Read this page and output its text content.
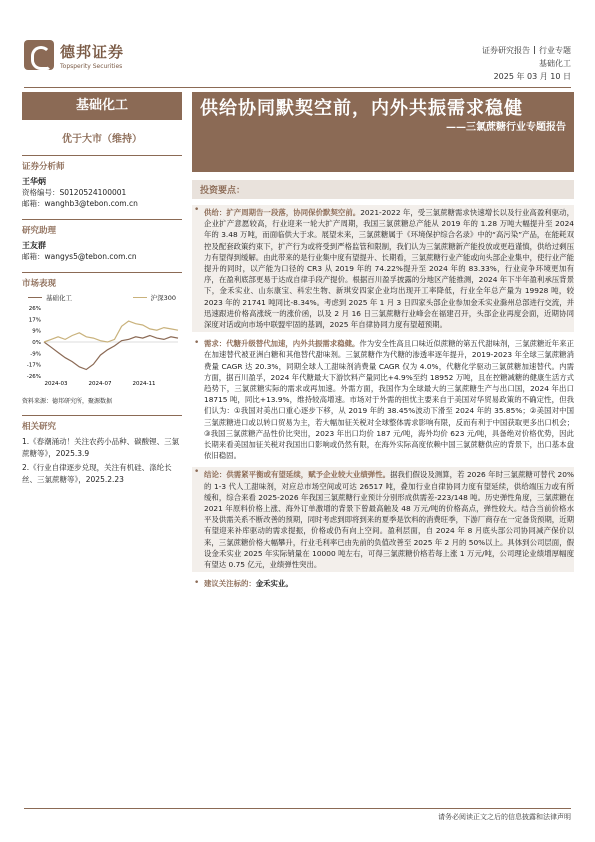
德邦证券
Topsperity Securities
证券研究报告 行业专题
基础化工
2025 年 03 月 10 日
基础化工
优于大市（维持）
证券分析师
王华炳
资格编号：S0120524100001
邮箱：wanghb3@tebon.com.cn
研究助理
王友群
邮箱：wangys5@tebon.com.cn
市场表现
基础化工	沪深300
26%
17%
9%
0%
-9%
-17%
-26%
2024-03	2024-07	2024-11
资料来源：德邦研究所，聚源数据
相关研究
1.《春潮涌动！关注农药小品种、碳酸锂、三氯蔗糖等》，2025.3.9
2.《行业自律逐步兑现，关注有机硅、涤纶长丝、三氯蔗糖等》，2025.2.23
供给协同默契空前，内外共振需求稳健
——三氯蔗糖行业专题报告
投资要点：
• 供给：扩产周期告一段落，协同保价默契空前。2021-2022 年，受三氯蔗糖需求快速增长以及行业高盈利驱动，企业扩产意愿较高，行业迎来一轮大扩产周期，我国三氯蔗糖总产能从 2019 年的 1.28 万吨大幅提升至 2024 年的 3.48 万吨，而面临供大于求。展望未来，三氯蔗糖属于《环境保护综合名录》中的“高污染”产品，在能耗双控及配套政策约束下，扩产行为或将受到严格监管和限制，我们认为三氯蔗糖新产能投放或更趋谨慎，供给过剩压力有望得到缓解。由此带来的是行业集中度有望提升、长期看，三氯蔗糖行业产能或向头部企业集中，使行业产能提升的同时，以产能为口径的 CR3 从 2019 年的 74.22%提升至 2024 年的 83.33%，行业竞争环境更加有序，在盈利底部更易于达成自律手段产提价。根据百川盈孚披露的分地区产能推测，2024 年下半年盈利承压背景下，金禾实业、山东康宝、科宏生物、新琪安四家企业均出现开工率降低，行业全年总产量为 19928 吨，较 2023 年的 21741 吨同比-8.34%。考虑到 2025 年 1 月 3 日四家头部企业参加金禾实业滁州总部进行交流，并迅速跟进价格高涨统一的涨价函，以及 2 月 16 日三氯蔗糖行业峰会在福建召开，头部企业再度会面，近期协同深度对话或向市场中联盟牢固的基调，2025 年自律协同力度有望超预期。
• 需求：代糖升级替代加速，内外共振需求稳健。作为安全性高且口味近似蔗糖的第五代甜味剂，三氯蔗糖近年来正在加速替代被亚洲白糖和其他替代甜味剂。三氯蔗糖作为代糖的渗透率逐年提升，2019-2023 年全球三氯蔗糖消费量 CAGR 达 20.3%，同期全球人工甜味剂消费量 CAGR 仅为 4.0%，代糖化学驱动三氯蔗糖加速替代。内需方面，据百川盈孚，2024 年代糖最大下游饮料产量同比+4.9%至约 18952 万吨，且在控糖减糖的健康生活方式趋势下，三氯蔗糖实际的需求或再加速。外需方面，我国作为全球最大的三氯蔗糖生产与出口国，2024 年出口 18715 吨，同比+13.9%，维持较高增速。市场对于外需的担忧主要来自于美国对华贸易政策的不确定性，但我们认为：①我国对美出口重心逐步下移，从 2019 年的 38.45%波动下滑至 2024 年的 35.85%；②美国对中国三氯蔗糖进口或以转口贸易为主，若大幅加征关税对全球整体需求影响有限，反而有利于中国获取更多出口机会；③我国三氯蔗糖产品性价比突出，2023 年出口均价 187 元/吨，海外均价 623 元/吨，具备绝对价格优势，因此长期来看美国加征关税对我国出口影响或仍然有限，在海外实际高度依赖中国三氯蔗糖供应的背景下，出口基本盘依旧稳固。
• 结论：供需紧平衡或有望延续，赋予企业较大业绩弹性。据我们假设及测算，若 2026 年时三氯蔗糖可替代 20%的 1-3 代人工甜味剂，对应总市场空间或可达 26517 吨，叠加行业自律协同力度有望延续，供给端压力或有所缓和，综合来看 2025-2026 年我国三氯蔗糖行业预计分别形成供需差-223/148 吨。历史弹性角度，三氯蔗糖在 2021 年原料价格上涨、海外订单激增的背景下曾最高触及 48 万元/吨的价格高点，弹性较大。结合当前价格水平及供需关系不断改善的预期，同时考虑到即将到来的夏季是饮料的消费旺季，下游厂商存在一定备货预期，近期有望迎来补库驱动的需求提振，价格或仍有向上空间。盈利层面，自 2024 年 8 月底头部公司协同减产保价以来，三氯蔗糖价格大幅攀升，行业毛利率已由先前的负值改善至 2025 年 2 月的 50%以上。具体到公司层面，假设金禾实业 2025 年实际销量在 10000 吨左右，可得三氯蔗糖价格若每上涨 1 万元/吨，公司理论业绩增厚幅度有望达 0.75 亿元，业绩弹性突出。
• 建议关注标的：金禾实业。
请务必阅读正文之后的信息披露和法律声明
